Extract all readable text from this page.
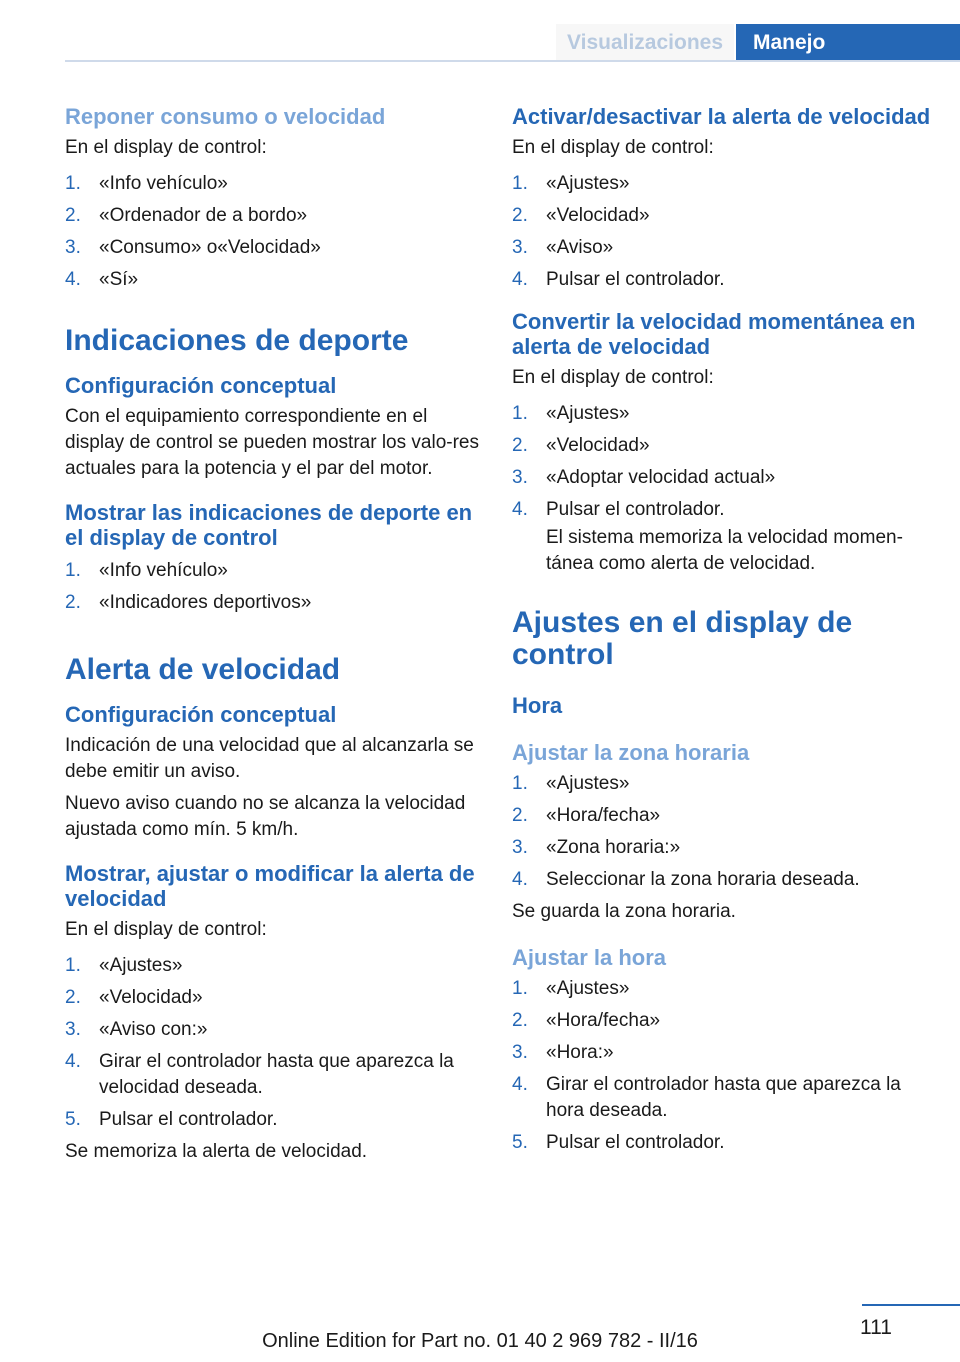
Visualizaciones	Manejo
Reponer consumo o velocidad

En el display de control:

1. «Info vehículo»
2. «Ordenador de a bordo»
3. «Consumo» o«Velocidad»
4. «Sí»
Indicaciones de deporte
Configuración conceptual

Con el equipamiento correspondiente en el display de control se pueden mostrar los valo-res actuales para la potencia y el par del motor.

Mostrar las indicaciones de deporte en el display de control
1. «Info vehículo»
2. «Indicadores deportivos»
Alerta de velocidad
Configuración conceptual

Indicación de una velocidad que al alcanzarla se debe emitir un aviso.

Nuevo aviso cuando no se alcanza la velocidad ajustada como mín. 5 km/h.

Mostrar, ajustar o modificar la alerta de velocidad

En el display de control:

1. «Ajustes»
2. «Velocidad»
3. «Aviso con:»
4. Girar el controlador hasta que aparezca la velocidad deseada.
5. Pulsar el controlador.

Se memoriza la alerta de velocidad.

Activar/desactivar la alerta de velocidad

En el display de control:

1. «Ajustes»
2. «Velocidad»
3. «Aviso»
4. Pulsar el controlador.
Convertir la velocidad momentánea en alerta de velocidad

En el display de control:

1. «Ajustes»
2. «Velocidad»
3. «Adoptar velocidad actual»
4. Pulsar el controlador.

El sistema memoriza la velocidad momen-tánea como alerta de velocidad.

Ajustes en el display de control
Hora
Ajustar la zona horaria
1. «Ajustes»
2. «Hora/fecha»
3. «Zona horaria:»
4. Seleccionar la zona horaria deseada.

Se guarda la zona horaria.

Ajustar la hora
1. «Ajustes»
2. «Hora/fecha»
3. «Hora:»
4. Girar el controlador hasta que aparezca la hora deseada.
5. Pulsar el controlador.
111
Online Edition for Part no. 01 40 2 969 782 - II/16
